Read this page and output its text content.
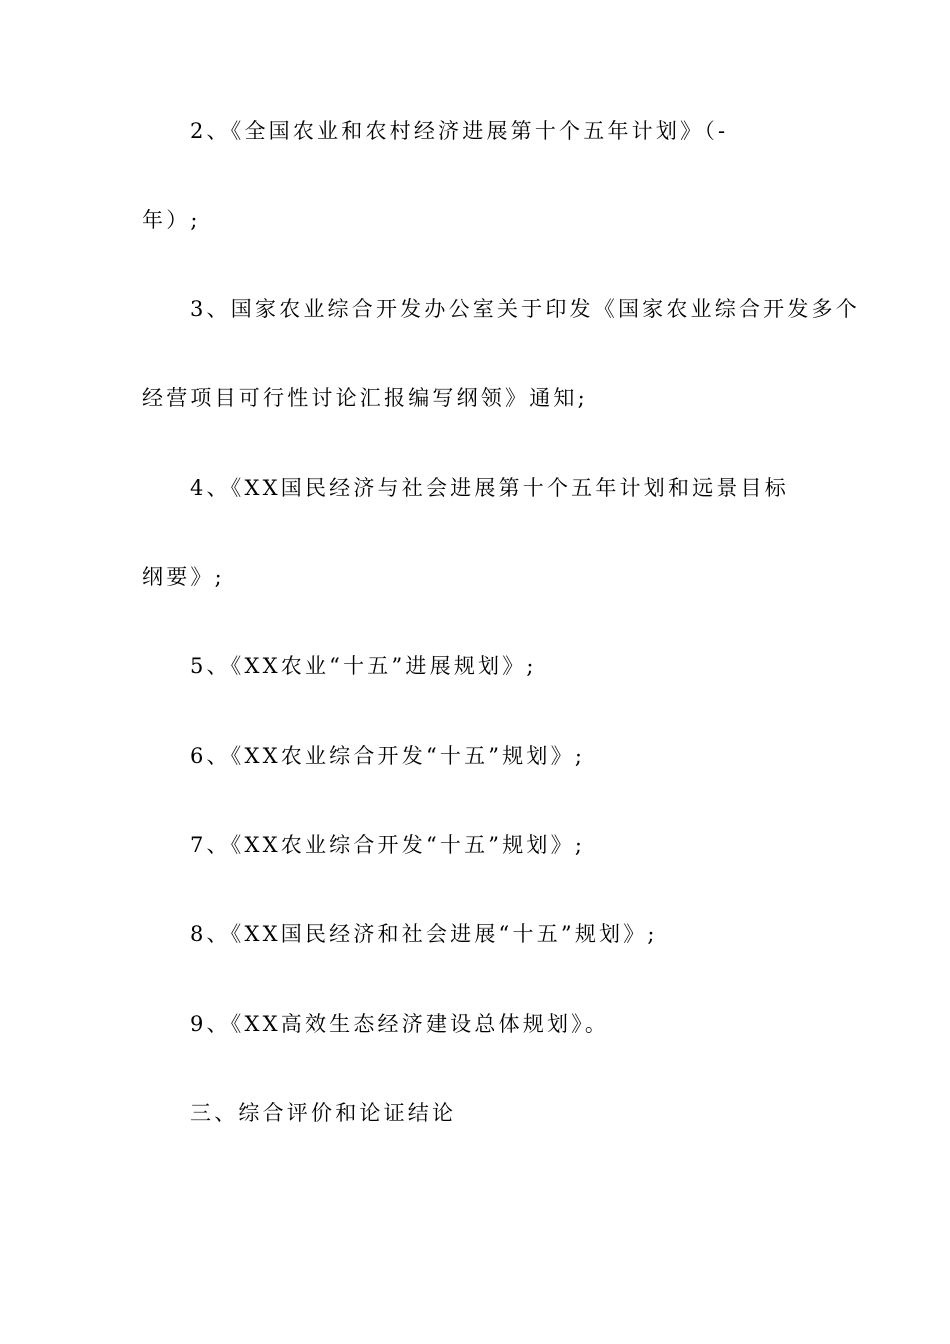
2、《全国农业和农村经济进展第十个五年计划》（-
年）;
3、国家农业综合开发办公室关于印发《国家农业综合开发多个
经营项目可行性讨论汇报编写纲领》通知;
4、《XX国民经济与社会进展第十个五年计划和远景目标
纲要》;
5、《XX农业“十五”进展规划》;
6、《XX农业综合开发“十五”规划》;
7、《XX农业综合开发“十五”规划》;
8、《XX国民经济和社会进展“十五”规划》;
9、《XX高效生态经济建设总体规划》。
三、综合评价和论证结论
